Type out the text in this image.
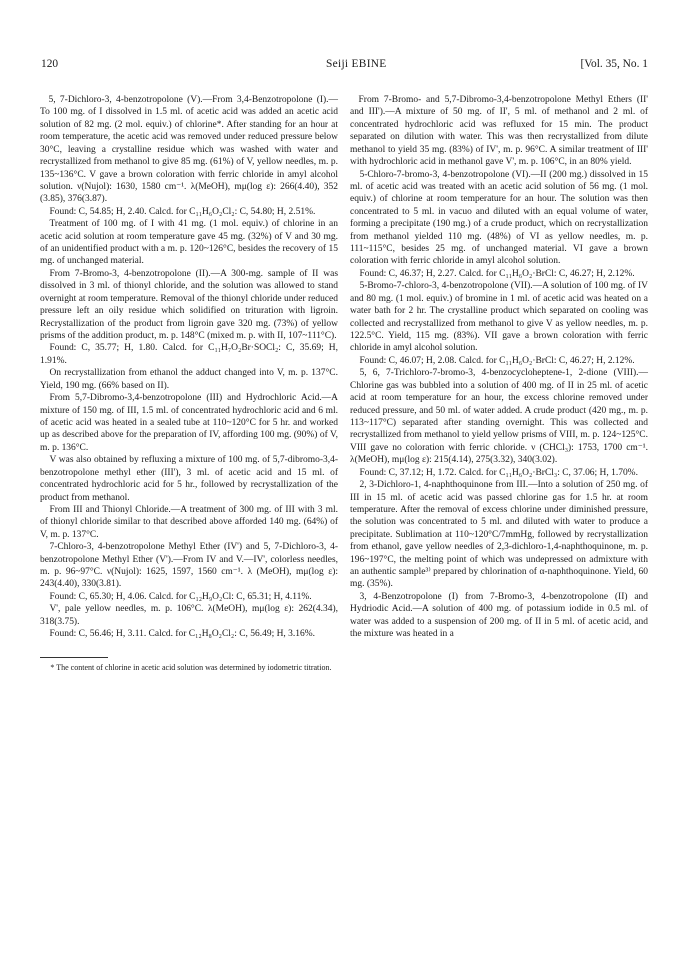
120	Seiji EBINE	[Vol. 35, No. 1

5, 7-Dichloro-3, 4-benzotropolone (V).—From 3,4-Benzotropolone (I).—To 100 mg. of I dissolved in 1.5 ml. of acetic acid was added an acetic acid solution of 82 mg. (2 mol. equiv.) of chlorine*. After standing for an hour at room temperature, the acetic acid was removed under reduced pressure below 30°C, leaving a crystalline residue which was washed with water and recrystallized from methanol to give 85 mg. (61%) of V, yellow needles, m. p. 135~136°C. V gave a brown coloration with ferric chloride in amyl alcohol solution. ν(Nujol): 1630, 1580 cm⁻¹. λ(MeOH), mμ(log ε): 266(4.40), 352 (3.85), 376(3.87).

Found: C, 54.85; H, 2.40. Calcd. for C₁₁H₆O₂Cl₂: C, 54.80; H, 2.51%.

Treatment of 100 mg. of I with 41 mg. (1 mol. equiv.) of chlorine in an acetic acid solution at room temperature gave 45 mg. (32%) of V and 30 mg. of an unidentified product with a m. p. 120~126°C, besides the recovery of 15 mg. of unchanged material.

From 7-Bromo-3, 4-benzotropolone (II).—A 300-mg. sample of II was dissolved in 3 ml. of thionyl chloride, and the solution was allowed to stand overnight at room temperature. Removal of the thionyl chloride under reduced pressure left an oily residue which solidified on trituration with ligroin. Recrystallization of the product from ligroin gave 320 mg. (73%) of yellow prisms of the addition product, m. p. 148°C (mixed m. p. with II, 107~111°C).

Found: C, 35.77; H, 1.80. Calcd. for C₁₁H₇O₂Br·SOCl₂: C, 35.69; H, 1.91%.

On recrystallization from ethanol the adduct changed into V, m. p. 137°C. Yield, 190 mg. (66% based on II).

From 5,7-Dibromo-3,4-benzotropolone (III) and Hydrochloric Acid.—A mixture of 150 mg. of III, 1.5 ml. of concentrated hydrochloric acid and 6 ml. of acetic acid was heated in a sealed tube at 110~120°C for 5 hr. and worked up as described above for the preparation of IV, affording 100 mg. (90%) of V, m. p. 136°C.

V was also obtained by refluxing a mixture of 100 mg. of 5,7-dibromo-3,4-benzotropolone methyl ether (III'), 3 ml. of acetic acid and 15 ml. of concentrated hydrochloric acid for 5 hr., followed by recrystallization of the product from methanol.

From III and Thionyl Chloride.—A treatment of 300 mg. of III with 3 ml. of thionyl chloride similar to that described above afforded 140 mg. (64%) of V, m. p. 137°C.

7-Chloro-3, 4-benzotropolone Methyl Ether (IV') and 5, 7-Dichloro-3, 4-benzotropolone Methyl Ether (V').—From IV and V.—IV', colorless needles, m. p. 96~97°C. ν(Nujol): 1625, 1597, 1560 cm⁻¹. λ (MeOH), mμ(log ε): 243(4.40), 330(3.81).

Found: C, 65.30; H, 4.06. Calcd. for C₁₂H₉O₂Cl: C, 65.31; H, 4.11%.

V', pale yellow needles, m. p. 106°C. λ(MeOH), mμ(log ε): 262(4.34), 318(3.75).

Found: C, 56.46; H, 3.11. Calcd. for C₁₂H₈O₂Cl₂: C, 56.49; H, 3.16%.

* The content of chlorine in acetic acid solution was determined by iodometric titration.

From 7-Bromo- and 5,7-Dibromo-3,4-benzotropolone Methyl Ethers (II' and III').—A mixture of 50 mg. of II', 5 ml. of methanol and 2 ml. of concentrated hydrochloric acid was refluxed for 15 min. The product separated on dilution with water. This was then recrystallized from dilute methanol to yield 35 mg. (83%) of IV', m. p. 96°C. A similar treatment of III' with hydrochloric acid in methanol gave V', m. p. 106°C, in an 80% yield.

5-Chloro-7-bromo-3, 4-benzotropolone (VI).—II (200 mg.) dissolved in 15 ml. of acetic acid was treated with an acetic acid solution of 56 mg. (1 mol. equiv.) of chlorine at room temperature for an hour. The solution was then concentrated to 5 ml. in vacuo and diluted with an equal volume of water, forming a precipitate (190 mg.) of a crude product, which on recrystallization from methanol yielded 110 mg. (48%) of VI as yellow needles, m. p. 111~115°C, besides 25 mg. of unchanged material. VI gave a brown coloration with ferric chloride in amyl alcohol solution.

Found: C, 46.37; H, 2.27. Calcd. for C₁₁H₆O₂·BrCl: C, 46.27; H, 2.12%.

5-Bromo-7-chloro-3, 4-benzotropolone (VII).—A solution of 100 mg. of IV and 80 mg. (1 mol. equiv.) of bromine in 1 ml. of acetic acid was heated on a water bath for 2 hr. The crystalline product which separated on cooling was collected and recrystallized from methanol to give V as yellow needles, m. p. 122.5°C. Yield, 115 mg. (83%). VII gave a brown coloration with ferric chloride in amyl alcohol solution.

Found: C, 46.07; H, 2.08. Calcd. for C₁₁H₆O₂·BrCl: C, 46.27; H, 2.12%.

5, 6, 7-Trichloro-7-bromo-3, 4-benzocycloheptene-1, 2-dione (VIII).—Chlorine gas was bubbled into a solution of 400 mg. of II in 25 ml. of acetic acid at room temperature for an hour, the excess chlorine removed under reduced pressure, and 50 ml. of water added. A crude product (420 mg., m. p. 113~117°C) separated after standing overnight. This was collected and recrystallized from methanol to yield yellow prisms of VIII, m. p. 124~125°C. VIII gave no coloration with ferric chloride. ν (CHCl₃): 1753, 1700 cm⁻¹. λ(MeOH), mμ(log ε): 215(4.14), 275(3.32), 340(3.02).

Found: C, 37.12; H, 1.72. Calcd. for C₁₁H₆O₂·BrCl₃: C, 37.06; H, 1.70%.

2, 3-Dichloro-1, 4-naphthoquinone from III.—Into a solution of 250 mg. of III in 15 ml. of acetic acid was passed chlorine gas for 1.5 hr. at room temperature. After the removal of excess chlorine under diminished pressure, the solution was concentrated to 5 ml. and diluted with water to produce a precipitate. Sublimation at 110~120°C/7mmHg, followed by recrystallization from ethanol, gave yellow needles of 2,3-dichloro-1,4-naphthoquinone, m. p. 196~197°C, the melting point of which was undepressed on admixture with an authentic sample³⁾ prepared by chlorination of α-naphthoquinone. Yield, 60 mg. (35%).

3, 4-Benzotropolone (I) from 7-Bromo-3, 4-benzotropolone (II) and Hydriodic Acid.—A solution of 400 mg. of potassium iodide in 0.5 ml. of water was added to a suspension of 200 mg. of II in 5 ml. of acetic acid, and the mixture was heated in a
